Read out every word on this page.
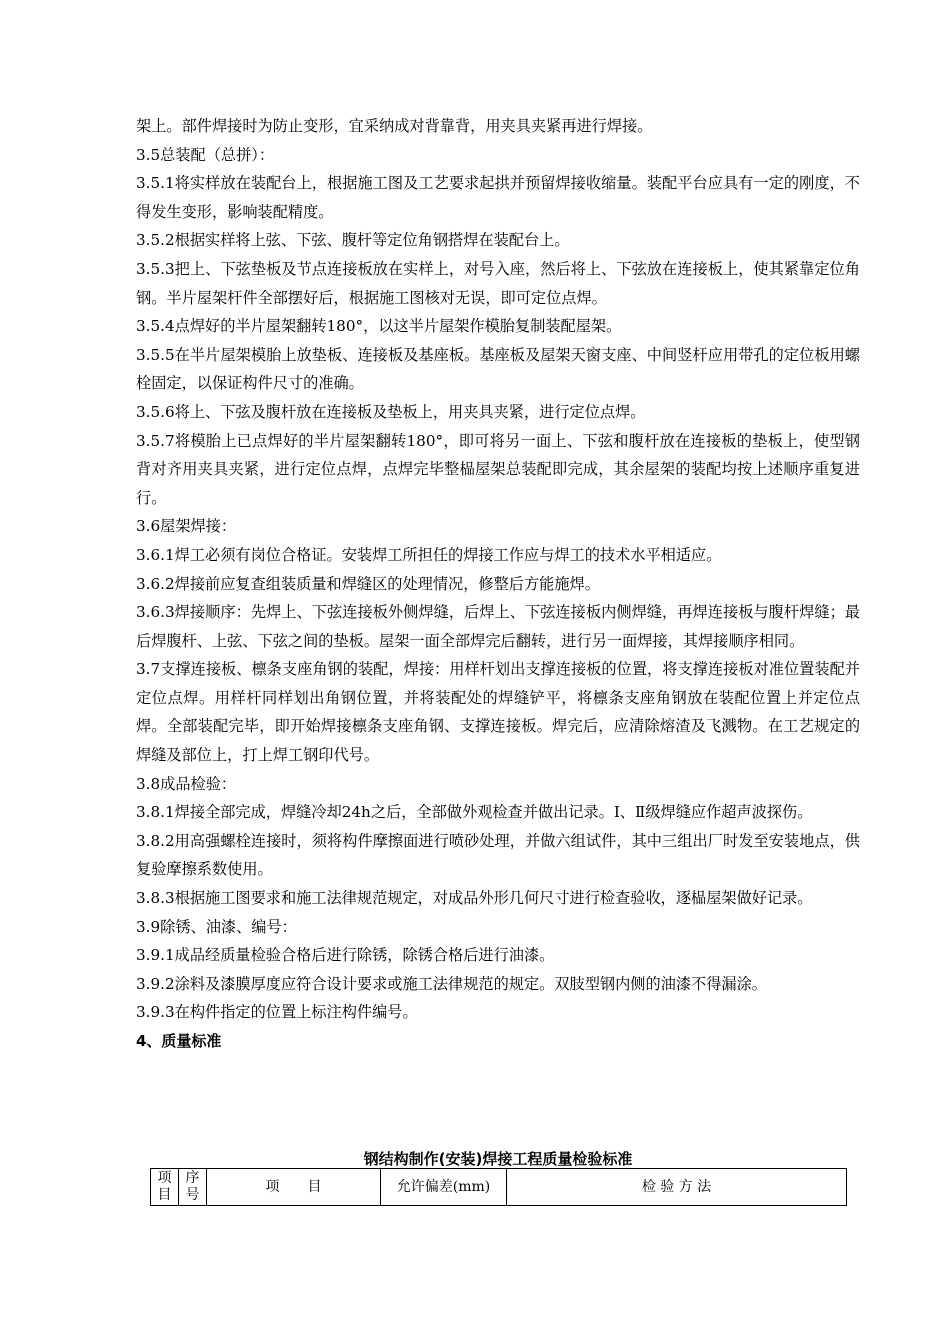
架上。部件焊接时为防止变形，宜采纳成对背靠背，用夹具夹紧再进行焊接。

3.5总装配（总拼）：

3.5.1将实样放在装配台上，根据施工图及工艺要求起拱并预留焊接收缩量。装配平台应具有一定的刚度，不得发生变形，影响装配精度。

3.5.2根据实样将上弦、下弦、腹杆等定位角钢搭焊在装配台上。

3.5.3把上、下弦垫板及节点连接板放在实样上，对号入座，然后将上、下弦放在连接板上，使其紧靠定位角钢。半片屋架杆件全部摆好后，根据施工图核对无误，即可定位点焊。

3.5.4点焊好的半片屋架翻转180°，以这半片屋架作模胎复制装配屋架。

3.5.5在半片屋架模胎上放垫板、连接板及基座板。基座板及屋架天窗支座、中间竖杆应用带孔的定位板用螺栓固定，以保证构件尺寸的准确。

3.5.6将上、下弦及腹杆放在连接板及垫板上，用夹具夹紧，进行定位点焊。

3.5.7将模胎上已点焊好的半片屋架翻转180°，即可将另一面上、下弦和腹杆放在连接板的垫板上，使型钢背对齐用夹具夹紧，进行定位点焊，点焊完毕整榀屋架总装配即完成，其余屋架的装配均按上述顺序重复进行。

3.6屋架焊接：

3.6.1焊工必须有岗位合格证。安装焊工所担任的焊接工作应与焊工的技术水平相适应。

3.6.2焊接前应复查组装质量和焊缝区的处理情况，修整后方能施焊。

3.6.3焊接顺序：先焊上、下弦连接板外侧焊缝，后焊上、下弦连接板内侧焊缝，再焊连接板与腹杆焊缝；最后焊腹杆、上弦、下弦之间的垫板。屋架一面全部焊完后翻转，进行另一面焊接，其焊接顺序相同。

3.7支撑连接板、檩条支座角钢的装配，焊接：用样杆划出支撑连接板的位置，将支撑连接板对准位置装配并定位点焊。用样杆同样划出角钢位置，并将装配处的焊缝铲平，将檩条支座角钢放在装配位置上并定位点焊。全部装配完毕，即开始焊接檩条支座角钢、支撑连接板。焊完后，应清除熔渣及飞溅物。在工艺规定的焊缝及部位上，打上焊工钢印代号。

3.8成品检验：

3.8.1焊接全部完成，焊缝冷却24h之后，全部做外观检查并做出记录。Ⅰ、Ⅱ级焊缝应作超声波探伤。

3.8.2用高强螺栓连接时，须将构件摩擦面进行喷砂处理，并做六组试件，其中三组出厂时发至安装地点，供复验摩擦系数使用。

3.8.3根据施工图要求和施工法律规范规定，对成品外形几何尺寸进行检查验收，逐榀屋架做好记录。

3.9除锈、油漆、编号：

3.9.1成品经质量检验合格后进行除锈，除锈合格后进行油漆。

3.9.2涂料及漆膜厚度应符合设计要求或施工法律规范的规定。双肢型钢内侧的油漆不得漏涂。

3.9.3在构件指定的位置上标注构件编号。

4、质量标准

钢结构制作(安装)焊接工程质量检验标准
项目	序号	项　　目	允许偏差(mm)	检 验 方 法
